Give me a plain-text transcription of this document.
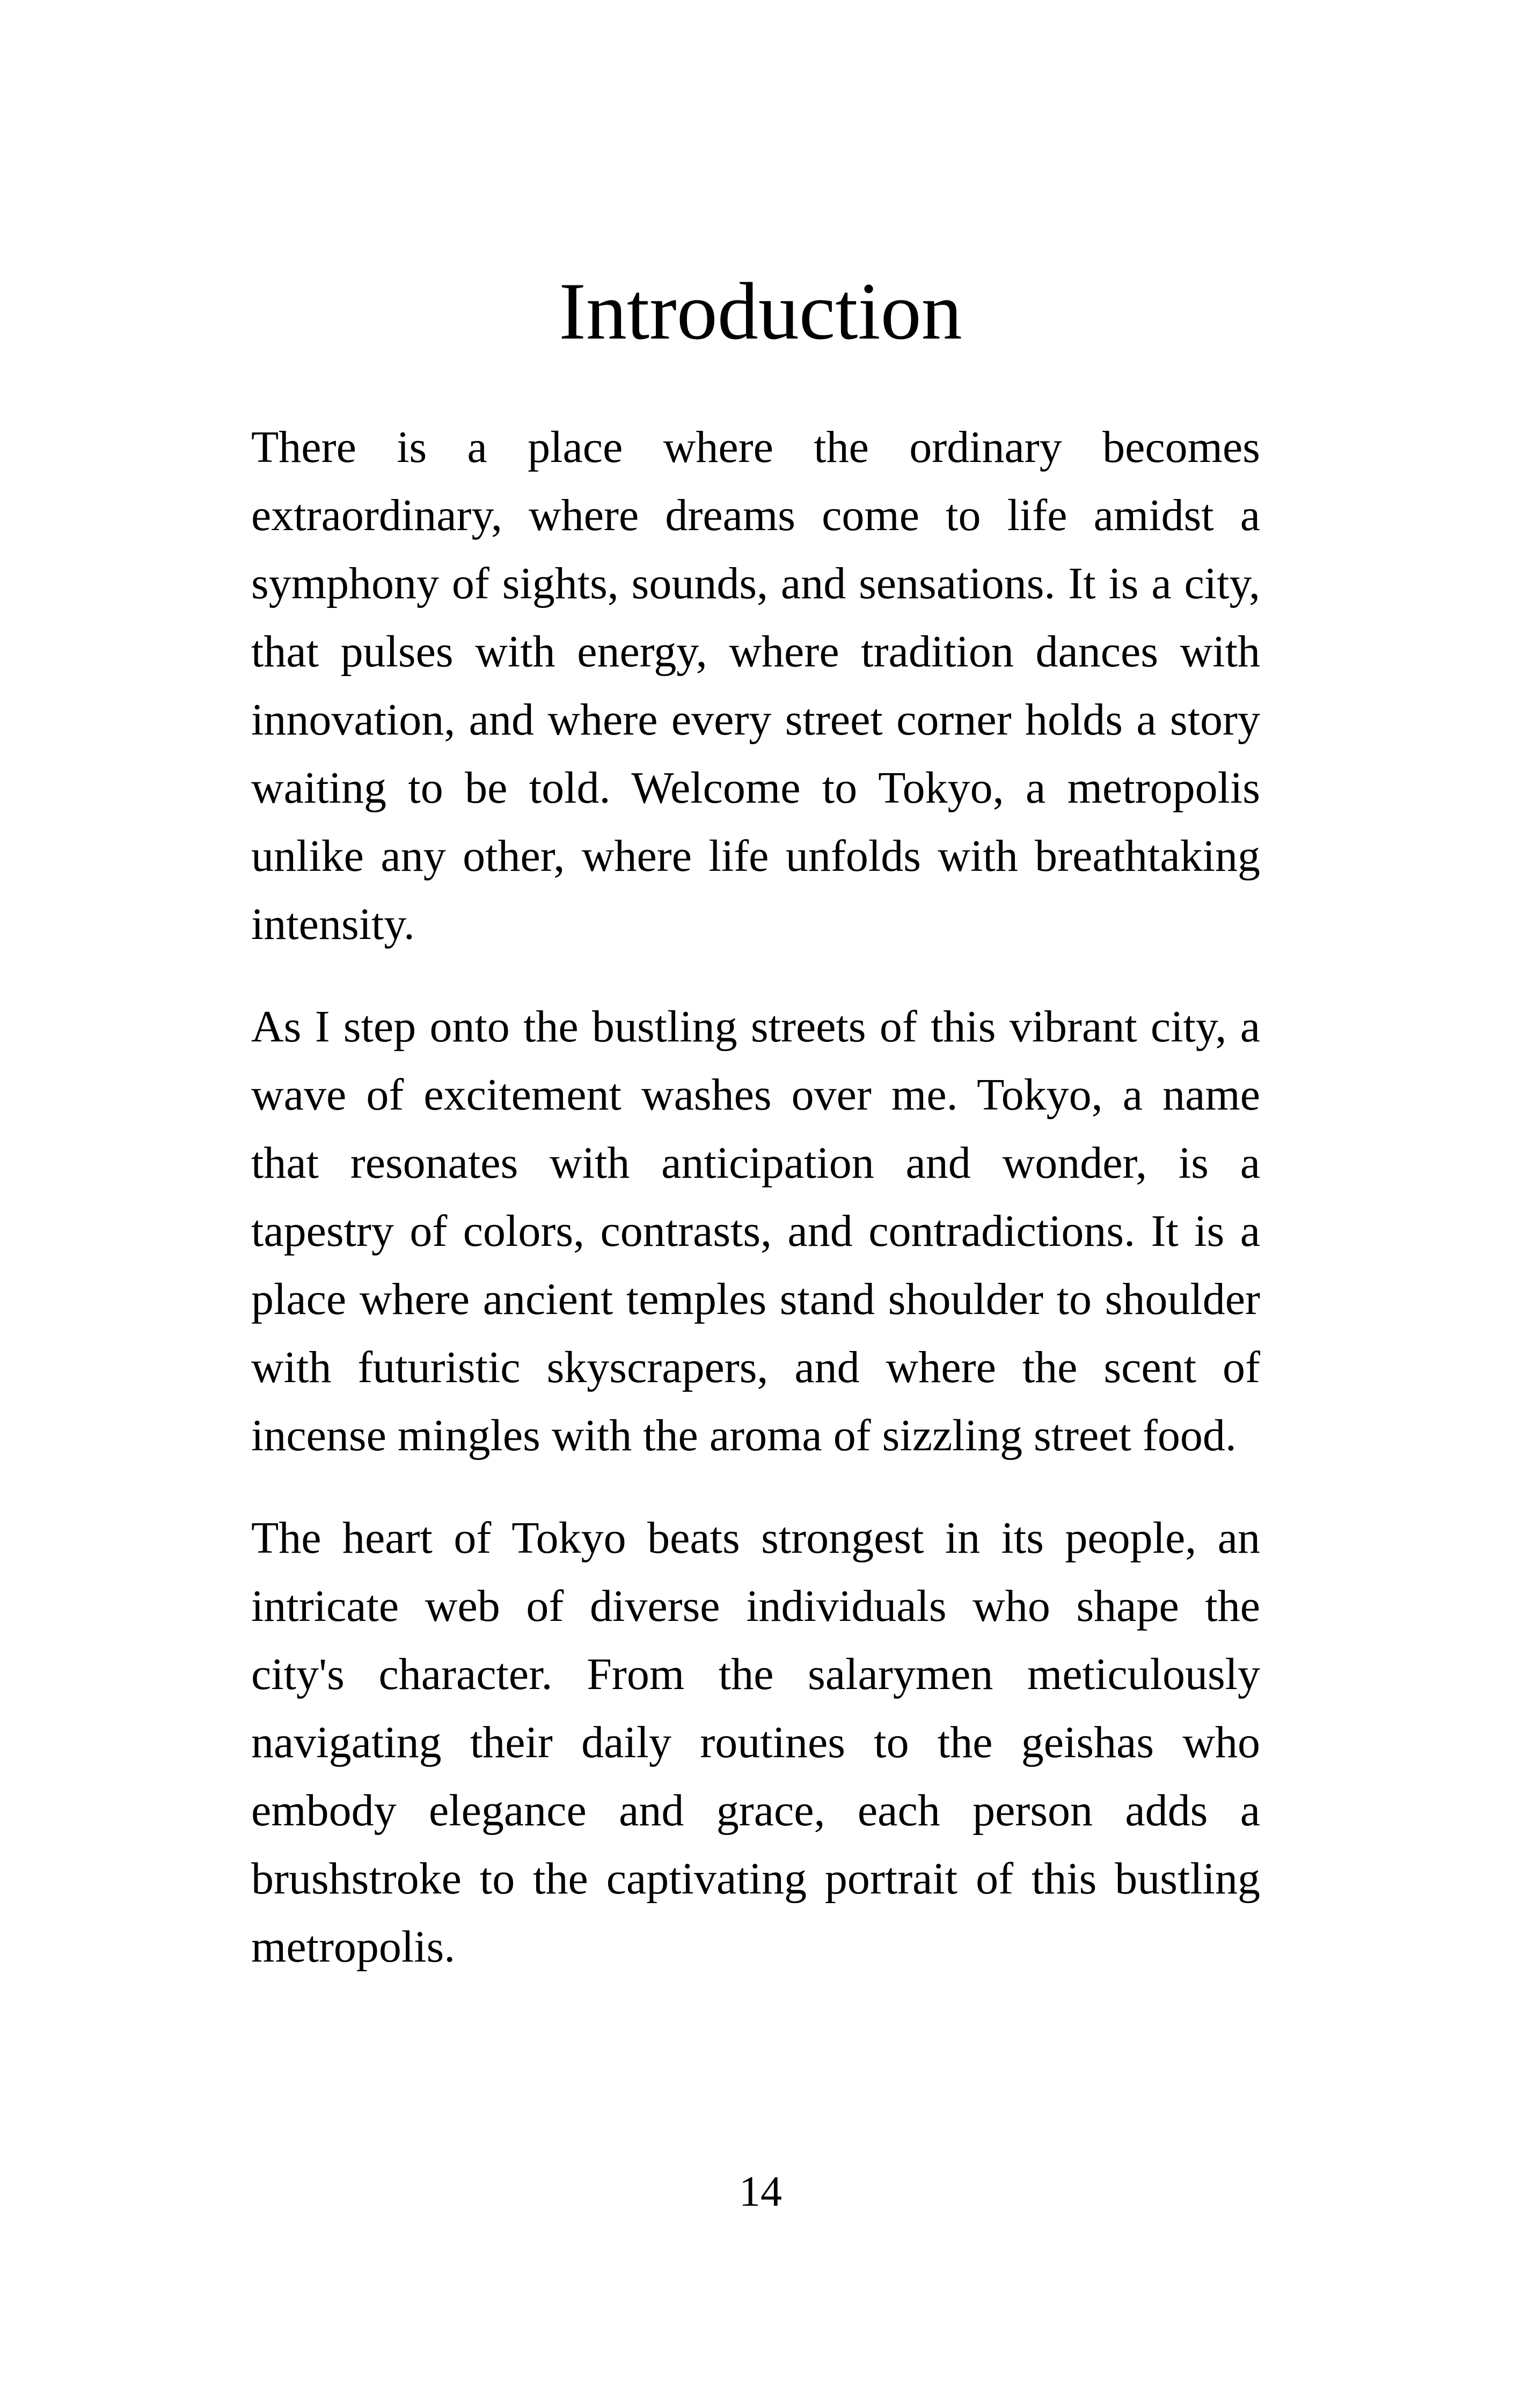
Introduction

There is a place where the ordinary becomes extraordinary, where dreams come to life amidst a symphony of sights, sounds, and sensations. It is a city, that pulses with energy, where tradition dances with innovation, and where every street corner holds a story waiting to be told. Welcome to Tokyo, a metropolis unlike any other, where life unfolds with breathtaking intensity.

As I step onto the bustling streets of this vibrant city, a wave of excitement washes over me. Tokyo, a name that resonates with anticipation and wonder, is a tapestry of colors, contrasts, and contradictions. It is a place where ancient temples stand shoulder to shoulder with futuristic skyscrapers, and where the scent of incense mingles with the aroma of sizzling street food.

The heart of Tokyo beats strongest in its people, an intricate web of diverse individuals who shape the city's character. From the salarymen meticulously navigating their daily routines to the geishas who embody elegance and grace, each person adds a brushstroke to the captivating portrait of this bustling metropolis.

14
